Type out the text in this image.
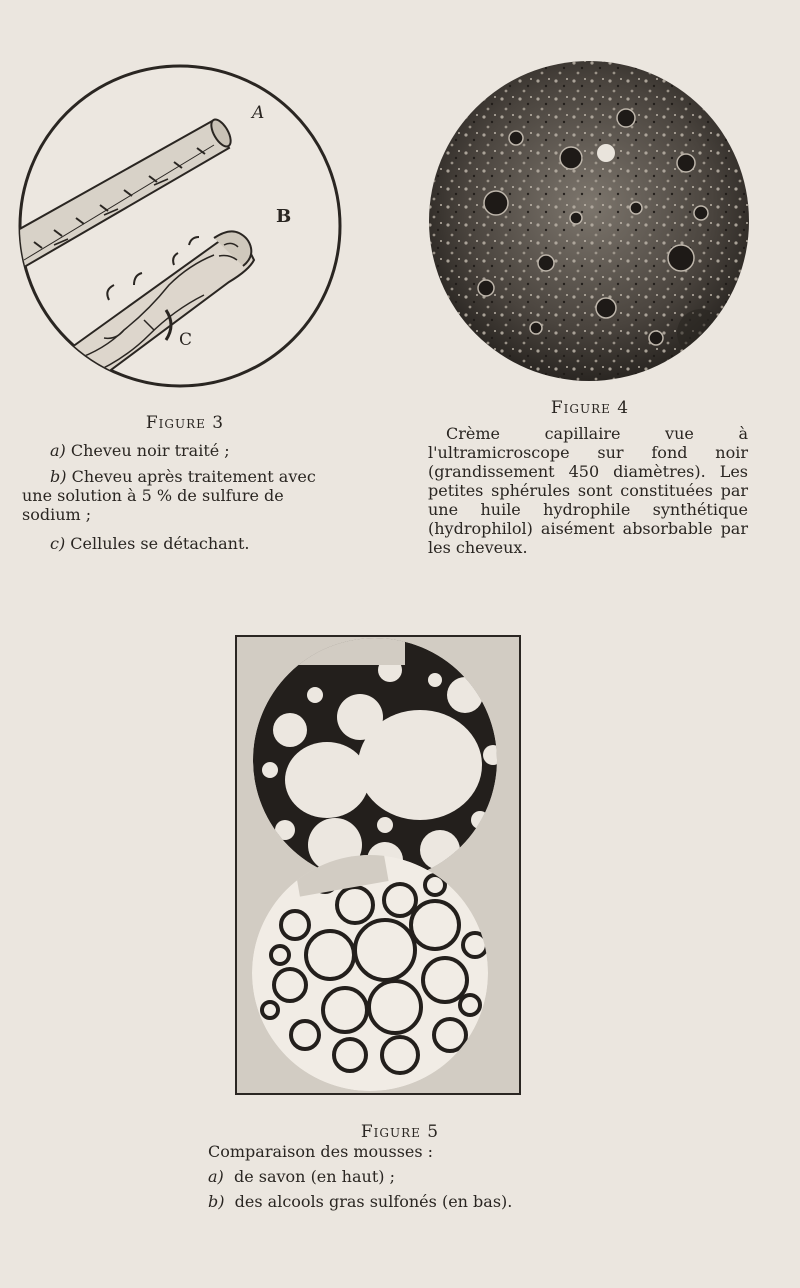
A
B
C
Figure 3
a) Cheveu noir traité ;
b) Cheveu après traitement avec une solution à 5 % de sulfure de sodium ;
c) Cellules se détachant.
Figure 4
Crème capillaire vue à l'ultramicroscope sur fond noir (grandissement 450 diamètres). Les petites sphérules sont constituées par une huile hydrophile synthétique (hydrophilol) aisément absorbable par les cheveux.
Figure 5
Comparaison des mousses :
a) de savon (en haut) ;
b) des alcools gras sulfonés (en bas).
